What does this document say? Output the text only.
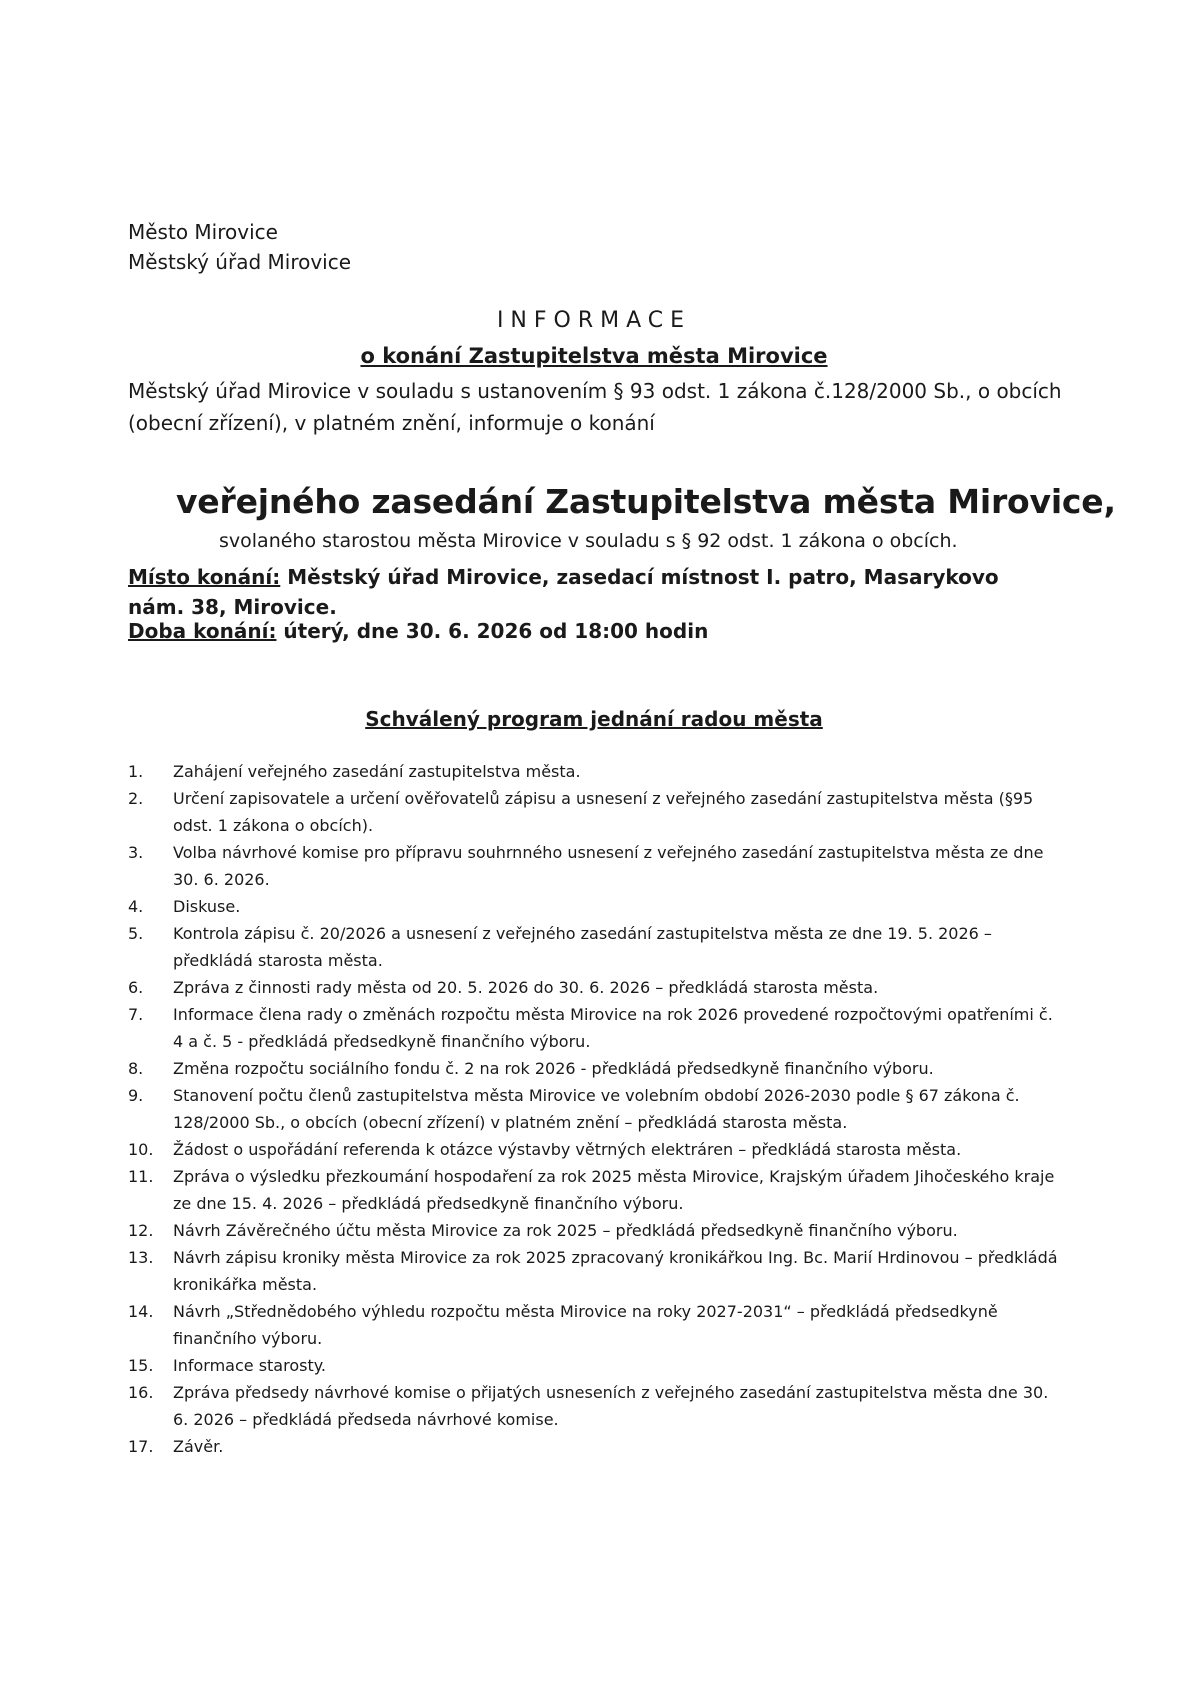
Město Mirovice
Městský úřad Mirovice
INFORMACE
o konání Zastupitelstva města Mirovice
Městský úřad Mirovice v souladu s ustanovením § 93 odst. 1 zákona č.128/2000 Sb., o obcích (obecní zřízení), v platném znění, informuje o konání
veřejného zasedání Zastupitelstva města Mirovice,
svolaného starostou města Mirovice v souladu s § 92 odst. 1 zákona o obcích.
Místo konání: Městský úřad Mirovice, zasedací místnost I. patro, Masarykovo nám. 38, Mirovice.
Doba konání: úterý, dne 30. 6. 2026 od 18:00 hodin
Schválený program jednání radou města
1.	Zahájení veřejného zasedání zastupitelstva města.
2.	Určení zapisovatele a určení ověřovatelů zápisu a usnesení z veřejného zasedání zastupitelstva města (§95 odst. 1 zákona o obcích).
3.	Volba návrhové komise pro přípravu souhrnného usnesení z veřejného zasedání zastupitelstva města ze dne 30. 6. 2026.
4.	Diskuse.
5.	Kontrola zápisu č. 20/2026 a usnesení z veřejného zasedání zastupitelstva města ze dne 19. 5. 2026 – předkládá starosta města.
6.	Zpráva z činnosti rady města od 20. 5. 2026 do 30. 6. 2026 – předkládá starosta města.
7.	Informace člena rady o změnách rozpočtu města Mirovice na rok 2026 provedené rozpočtovými opatřeními č. 4 a č. 5 - předkládá předsedkyně finančního výboru.
8.	Změna rozpočtu sociálního fondu č. 2 na rok 2026 - předkládá předsedkyně finančního výboru.
9.	Stanovení počtu členů zastupitelstva města Mirovice ve volebním období 2026-2030 podle § 67 zákona č. 128/2000 Sb., o obcích (obecní zřízení) v platném znění – předkládá starosta města.
10.	Žádost o uspořádání referenda k otázce výstavby větrných elektráren – předkládá starosta města.
11.	Zpráva o výsledku přezkoumání hospodaření za rok 2025 města Mirovice, Krajským úřadem Jihočeského kraje ze dne 15. 4. 2026 – předkládá předsedkyně finančního výboru.
12.	Návrh Závěrečného účtu města Mirovice za rok 2025 – předkládá předsedkyně finančního výboru.
13.	Návrh zápisu kroniky města Mirovice za rok 2025 zpracovaný kronikářkou Ing. Bc. Marií Hrdinovou – předkládá kronikářka města.
14.	Návrh „Střednědobého výhledu rozpočtu města Mirovice na roky 2027-2031“ – předkládá předsedkyně finančního výboru.
15.	Informace starosty.
16.	Zpráva předsedy návrhové komise o přijatých usneseních z veřejného zasedání zastupitelstva města dne 30. 6. 2026 – předkládá předseda návrhové komise.
17.	Závěr.
